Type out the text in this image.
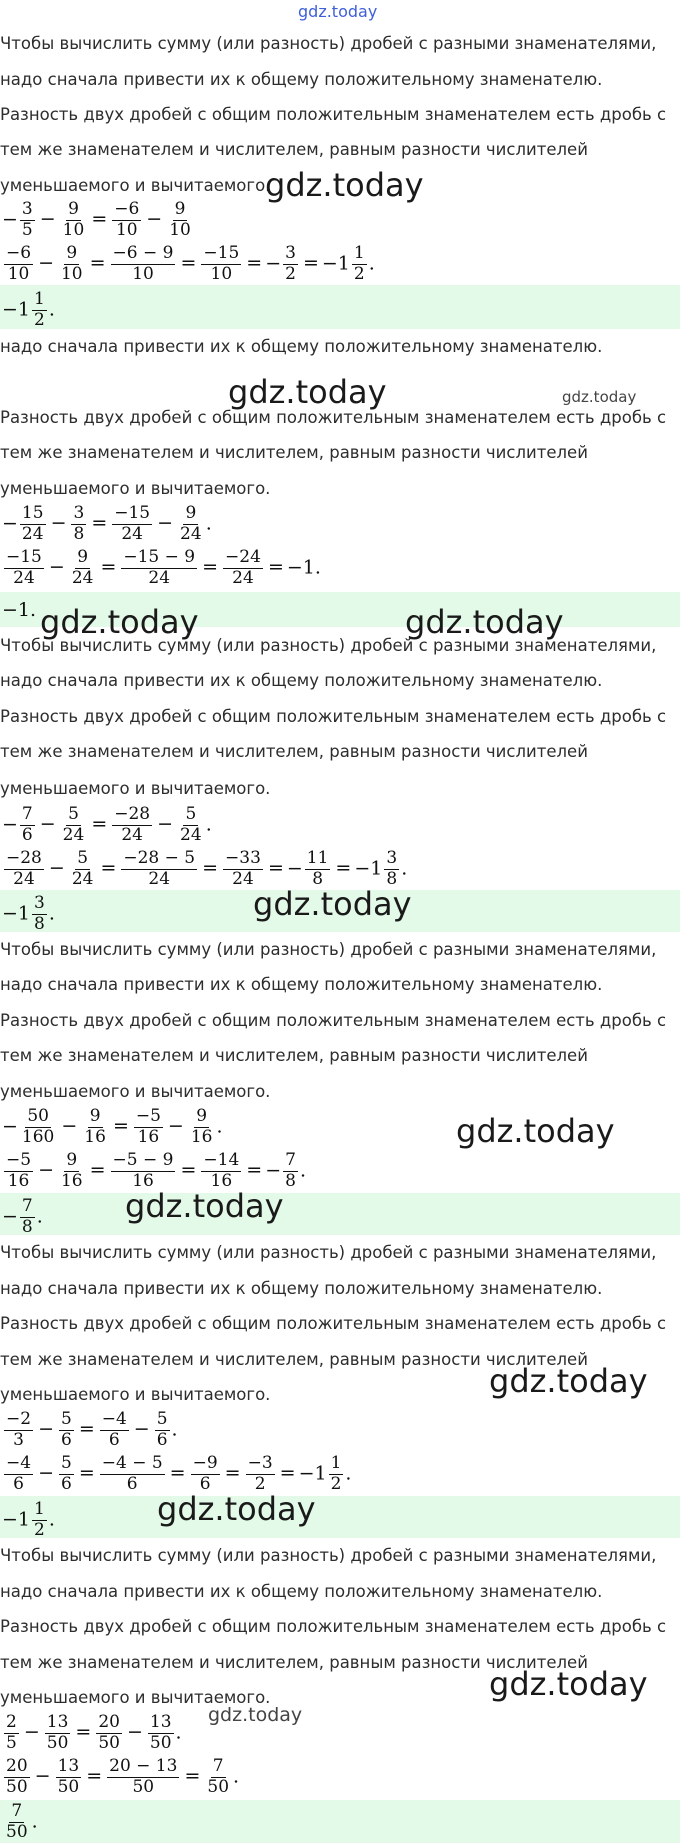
gdz.today
Чтобы вычислить сумму (или разность) дробей с разными знаменателями,
надо сначала привести их к общему положительному знаменателю.
Разность двух дробей с общим положительным знаменателем есть дробь с
тем же знаменателем и числителем, равным разности числителей
уменьшаемого и вычитаемого.
gdz.today
− $\frac{3}{5} - \frac{9}{10} = \frac{-6}{10} - \frac{9}{10}$
$\frac{-6}{10} - \frac{9}{10} = \frac{-6 - 9}{10} = \frac{-15}{10}$ = − $\frac{3}{2} = -1 \frac{1}{2}$ .
$-1 \frac{1}{2}$ .
надо сначала привести их к общему положительному знаменателю.
gdz.today	gdz.today
Разность двух дробей с общим положительным знаменателем есть дробь с
тем же знаменателем и числителем, равным разности числителей
уменьшаемого и вычитаемого.
− $\frac{15}{24} - \frac{3}{8} = \frac{-15}{24} - \frac{9}{24}$ .
$\frac{-15}{24} - \frac{9}{24} = \frac{-15 - 9}{24} = \frac{-24}{24} = -1$.
−1. gdz.today	gdz.today
Чтобы вычислить сумму (или разность) дробей с разными знаменателями,
надо сначала привести их к общему положительному знаменателю.
Разность двух дробей с общим положительным знаменателем есть дробь с
тем же знаменателем и числителем, равным разности числителей
уменьшаемого и вычитаемого.
− $\frac{7}{6} - \frac{5}{24} = \frac{-28}{24} - \frac{5}{24}$ .
$\frac{-28}{24} - \frac{5}{24} = \frac{-28 - 5}{24} = \frac{-33}{24}$ = − $\frac{11}{8} = -1 \frac{3}{8}$ .
$-1 \frac{3}{8}$ .	gdz.today
Чтобы вычислить сумму (или разность) дробей с разными знаменателями,
надо сначала привести их к общему положительному знаменателю.
Разность двух дробей с общим положительным знаменателем есть дробь с
тем же знаменателем и числителем, равным разности числителей
уменьшаемого и вычитаемого.
− $\frac{50}{160} - \frac{9}{16} = \frac{-5}{16} - \frac{9}{16}$ .	gdz.today
$\frac{-5}{16} - \frac{9}{16} = \frac{-5 - 9}{16} = \frac{-14}{16}$ = − $\frac{7}{8}$ .
− $\frac{7}{8}$ .	gdz.today
Чтобы вычислить сумму (или разность) дробей с разными знаменателями,
надо сначала привести их к общему положительному знаменателю.
Разность двух дробей с общим положительным знаменателем есть дробь с
тем же знаменателем и числителем, равным разности числителей
gdz.today
уменьшаемого и вычитаемого.
$\frac{-2}{3} - \frac{5}{6} = \frac{-4}{6} - \frac{5}{6}$ .
$\frac{-4}{6} - \frac{5}{6} = \frac{-4 - 5}{6} = \frac{-9}{6} = \frac{-3}{2} = -1 \frac{1}{2}$ .
$-1 \frac{1}{2}$ .	gdz.today
Чтобы вычислить сумму (или разность) дробей с разными знаменателями,
надо сначала привести их к общему положительному знаменателю.
Разность двух дробей с общим положительным знаменателем есть дробь с
тем же знаменателем и числителем, равным разности числителей
gdz.today
уменьшаемого и вычитаемого.
gdz.today
$\frac{2}{5} - \frac{13}{50} = \frac{20}{50} - \frac{13}{50}$ .
$\frac{20}{50} - \frac{13}{50} = \frac{20 - 13}{50} = \frac{7}{50}$ .
$\frac{7}{50}$ .
